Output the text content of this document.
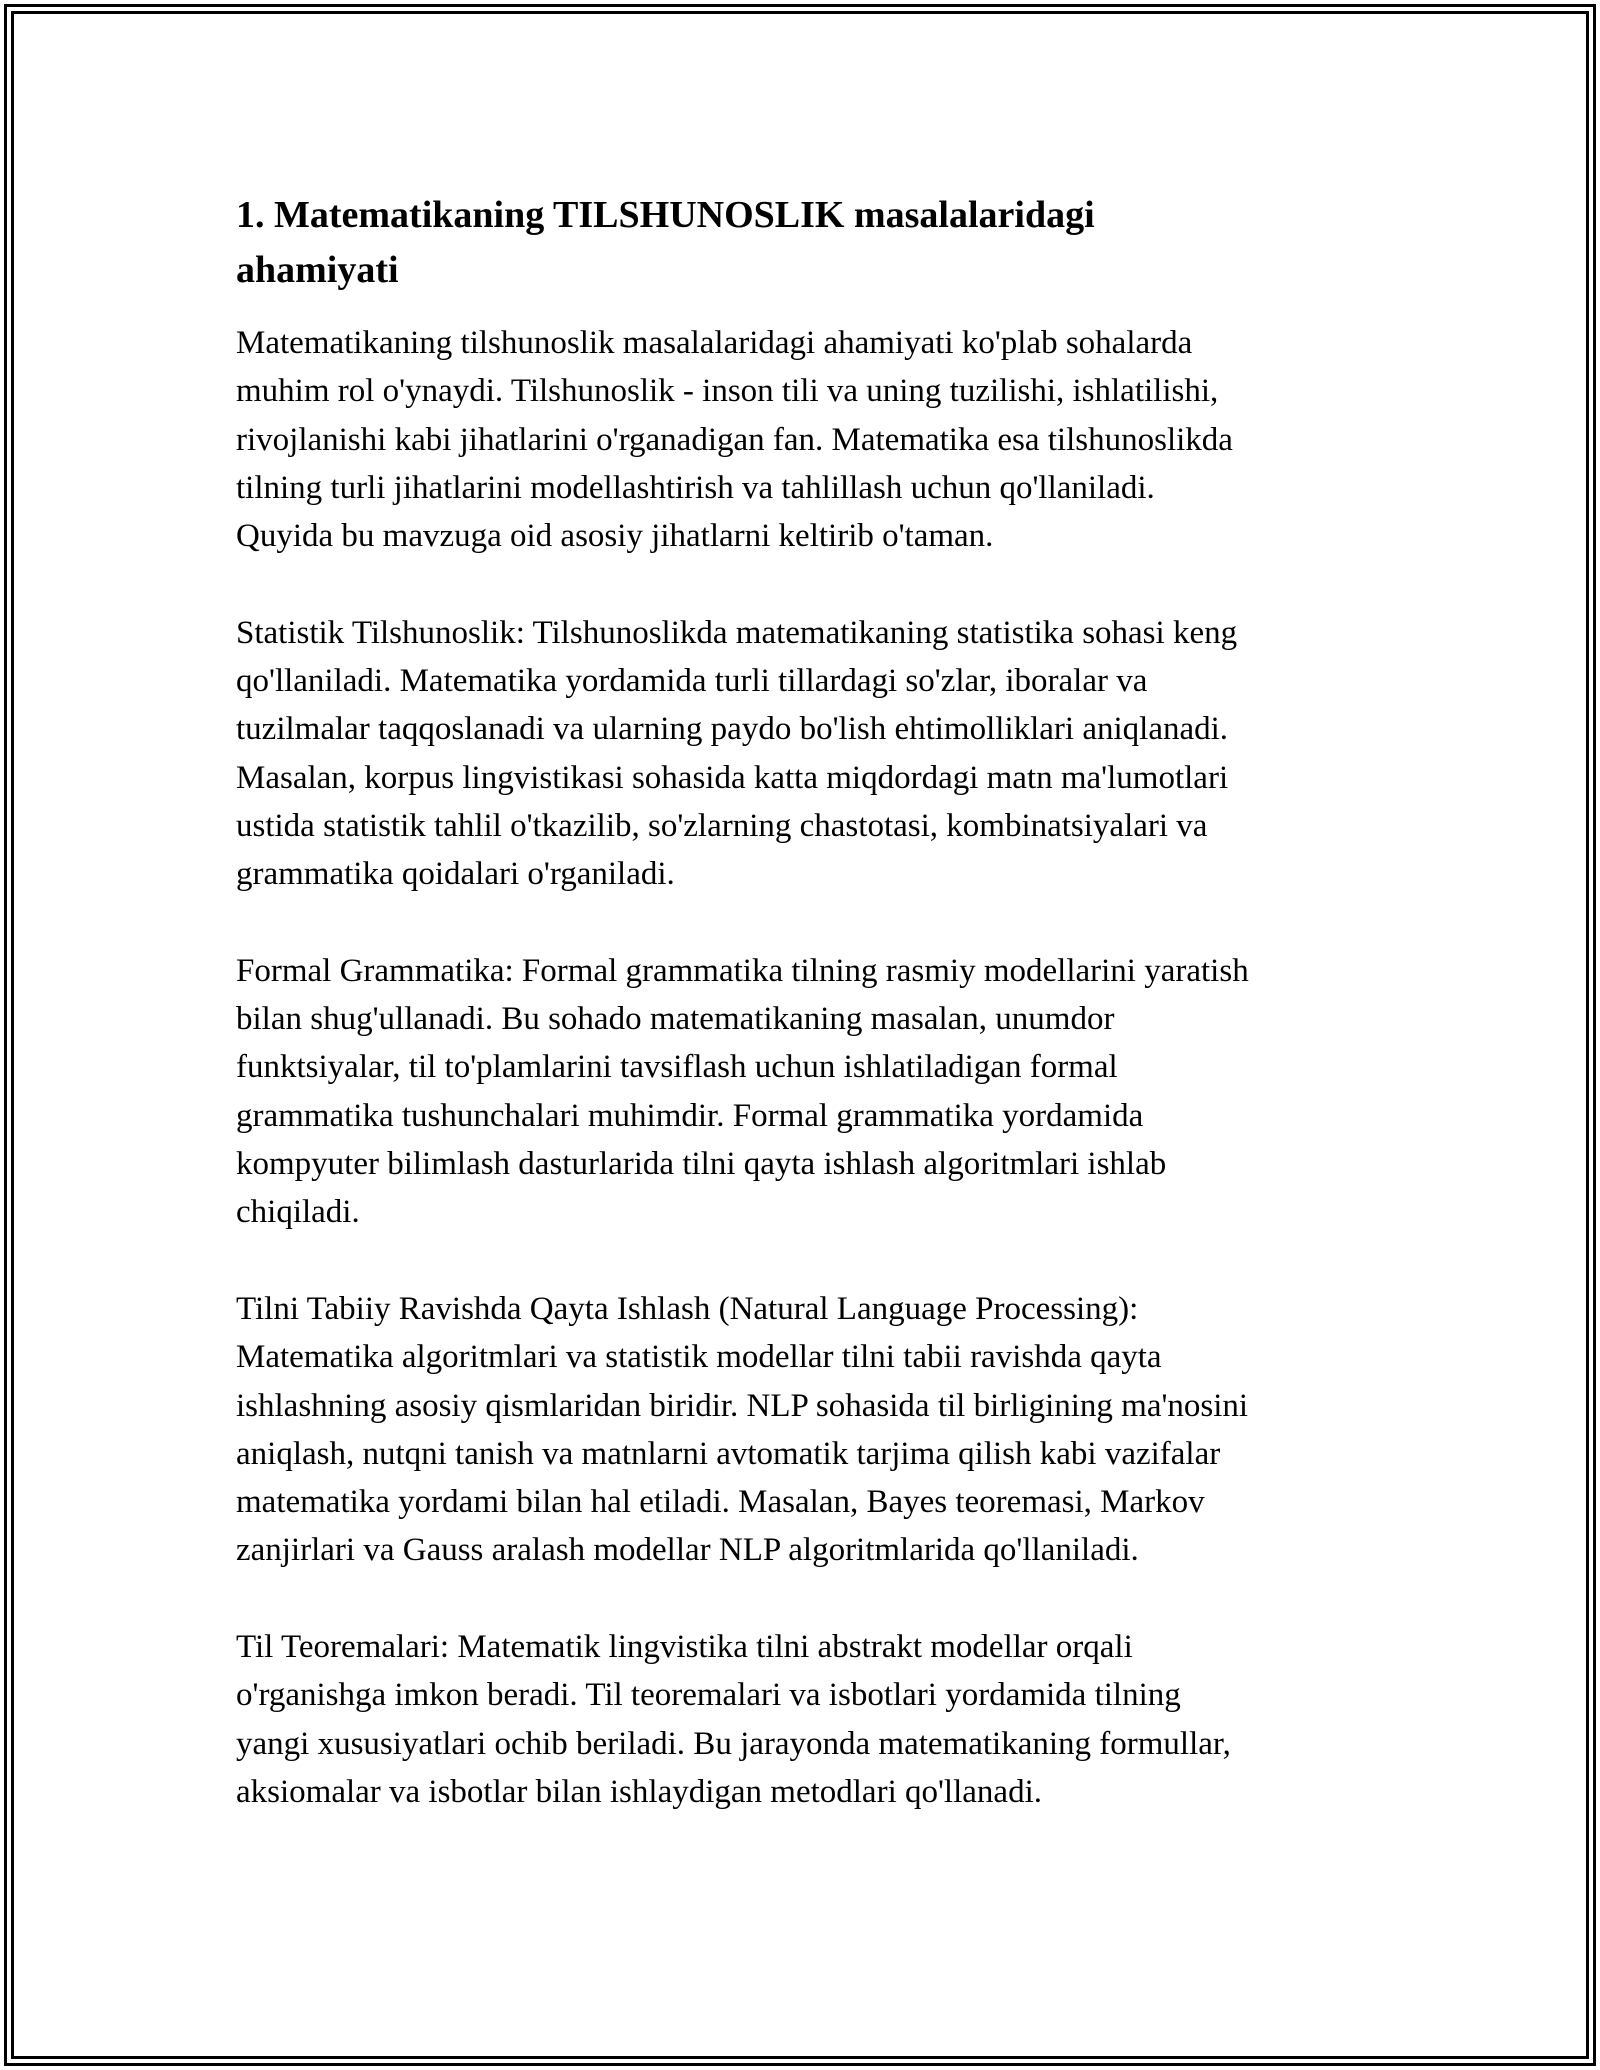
1. Matematikaning TILSHUNOSLIK masalalaridagi
ahamiyati

Matematikaning tilshunoslik masalalaridagi ahamiyati ko'plab sohalarda
muhim rol o'ynaydi. Tilshunoslik - inson tili va uning tuzilishi, ishlatilishi,
rivojlanishi kabi jihatlarini o'rganadigan fan. Matematika esa tilshunoslikda
tilning turli jihatlarini modellashtirish va tahlillash uchun qo'llaniladi.
Quyida bu mavzuga oid asosiy jihatlarni keltirib o'taman.

Statistik Tilshunoslik: Tilshunoslikda matematikaning statistika sohasi keng
qo'llaniladi. Matematika yordamida turli tillardagi so'zlar, iboralar va
tuzilmalar taqqoslanadi va ularning paydo bo'lish ehtimolliklari aniqlanadi.
Masalan, korpus lingvistikasi sohasida katta miqdordagi matn ma'lumotlari
ustida statistik tahlil o'tkazilib, so'zlarning chastotasi, kombinatsiyalari va
grammatika qoidalari o'rganiladi.

Formal Grammatika: Formal grammatika tilning rasmiy modellarini yaratish
bilan shug'ullanadi. Bu sohado matematikaning masalan, unumdor
funktsiyalar, til to'plamlarini tavsiflash uchun ishlatiladigan formal
grammatika tushunchalari muhimdir. Formal grammatika yordamida
kompyuter bilimlash dasturlarida tilni qayta ishlash algoritmlari ishlab
chiqiladi.

Tilni Tabiiy Ravishda Qayta Ishlash (Natural Language Processing):
Matematika algoritmlari va statistik modellar tilni tabii ravishda qayta
ishlashning asosiy qismlaridan biridir. NLP sohasida til birligining ma'nosini
aniqlash, nutqni tanish va matnlarni avtomatik tarjima qilish kabi vazifalar
matematika yordami bilan hal etiladi. Masalan, Bayes teoremasi, Markov
zanjirlari va Gauss aralash modellar NLP algoritmlarida qo'llaniladi.

Til Teoremalari: Matematik lingvistika tilni abstrakt modellar orqali
o'rganishga imkon beradi. Til teoremalari va isbotlari yordamida tilning
yangi xususiyatlari ochib beriladi. Bu jarayonda matematikaning formullar,
aksiomalar va isbotlar bilan ishlaydigan metodlari qo'llanadi.
